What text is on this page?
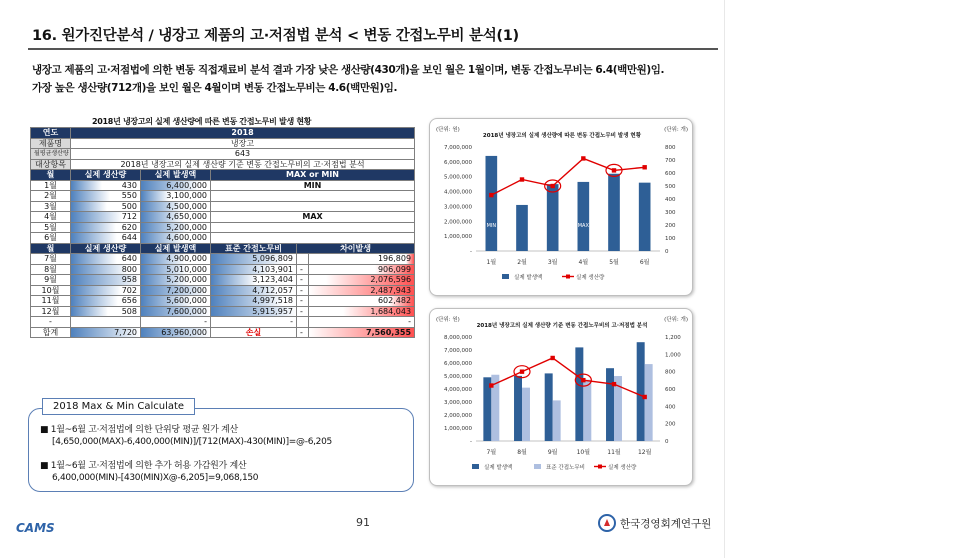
16. 원가진단분석 / 냉장고 제품의 고·저점법 분석 < 변동 간접노무비 분석(1)

냉장고 제품의 고·저점법에 의한 변동 직접재료비 분석 결과 가장 낮은 생산량(430개)을 보인 월은 1월이며, 변동 간접노무비는 6.4(백만원)임.

가장 높은 생산량(712개)을 보인 월은 4월이며 변동 간접노무비는 4.6(백만원)임.

2018년 냉장고의 실제 생산량에 따른 변동 간접노무비 발생 현황
연도	2018				
제품명	냉장고				
월평균생산량	643				
대상항목	2018년 냉장고의 실제 생산량 기준 변동 간접노무비의 고·저점법 분석				
월	실제 생산량	실제 발생액	MAX or MIN		
1월	430	6,400,000	MIN		
2월	550	3,100,000			
3월	500	4,500,000			
4월	712	4,650,000	MAX		
5월	620	5,200,000			
6월	644	4,600,000			
월	실제 생산량	실제 발생액	표준 간접노무비	차이발생	
7월	640	4,900,000	5,096,809		196,809
8월	800	5,010,000	4,103,901	-	906,099
9월	958	5,200,000	3,123,404	-	2,076,596
10월	702	7,200,000	4,712,057	-	2,487,943
11월	656	5,600,000	4,997,518	-	602,482
12월	508	7,600,000	5,915,957	-	1,684,043
-		-	-		-
합계	7,720	63,960,000	손실	-	7,560,355
2018 Max & Min Calculate
■ 1월~6월 고·저점법에 의한 단위당 평균 원가 계산
[4,650,000(MAX)-6,400,000(MIN)]/[712(MAX)-430(MIN)]=@-6,205
■ 1월~6월 고·저점법에 의한 추가 허용 가감원가 계산
6,400,000(MIN)-[430(MIN)X@-6,205]=9,068,150
(단위: 원)	(단위: 개)
2018년 냉장고의 실제 생산량에 따른 변동 간접노무비 발생 현황
-
1,000,000
2,000,000
3,000,000
4,000,000
5,000,000
6,000,000
7,000,000
0
100
200
300
400
500
600
700
800
1월
MIN
2월	3월	4월
MAX
5월	6월
실제 발생액	실제 생산량
(단위: 원)	(단위: 개)
2018년 냉장고의 실제 생산량 기준 변동 간접노무비의 고·저점법 분석
-
1,000,000
2,000,000
3,000,000
4,000,000
5,000,000
6,000,000
7,000,000
8,000,000
0
200
400
600
800
1,000
1,200
7월	8월	9월	10월	11월	12월
실제 발생액	표준 간접노무비	실제 생산량
CAMS	91	한국경영회계연구원
